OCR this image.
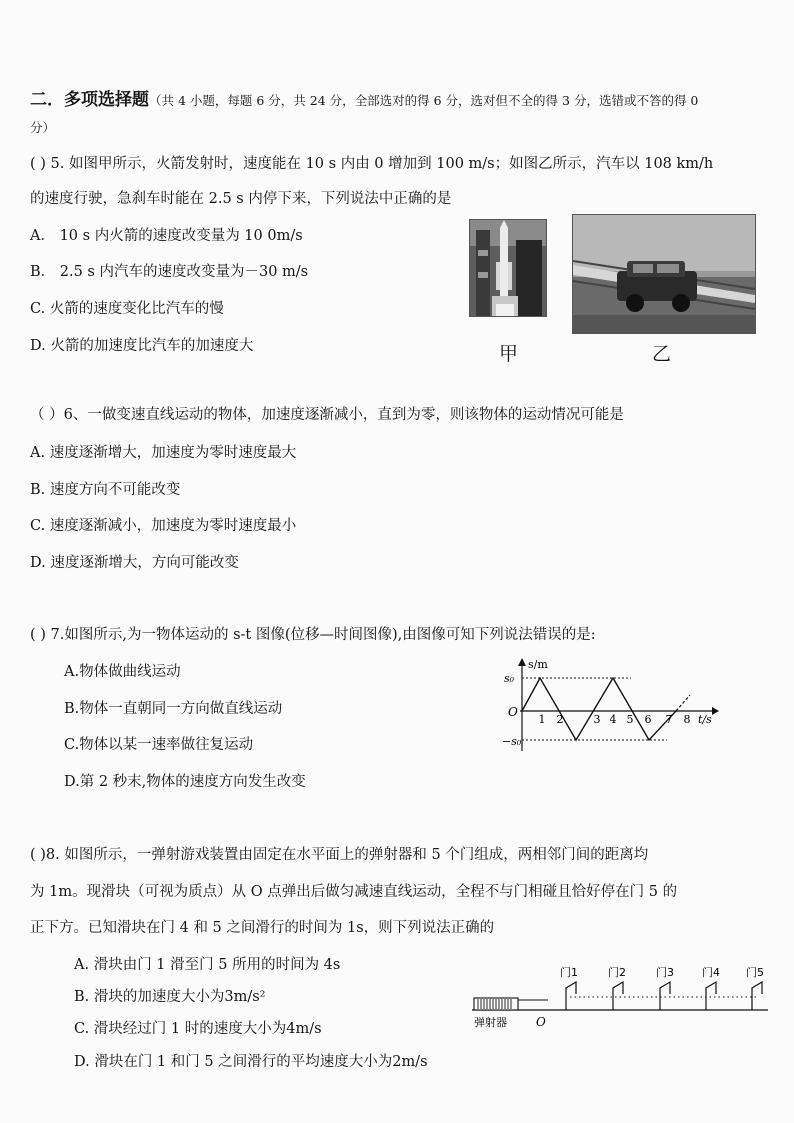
二．多项选择题（共 4 小题，每题 6 分，共 24 分，全部选对的得 6 分，选对但不全的得 3 分，选错或不答的得 0
分）
( ) 5. 如图甲所示，火箭发射时，速度能在 10 s 内由 0 增加到 100 m/s；如图乙所示，汽车以 108 km/h
的速度行驶，急刹车时能在 2.5 s 内停下来，下列说法中正确的是
A． 10 s 内火箭的速度改变量为 10 0m/s
B． 2.5 s 内汽车的速度改变量为－30 m/s
C. 火箭的速度变化比汽车的慢
D. 火箭的加速度比汽车的加速度大	甲	乙
（ ）6、一做变速直线运动的物体，加速度逐渐减小，直到为零，则该物体的运动情况可能是
A. 速度逐渐增大，加速度为零时速度最大
B. 速度方向不可能改变
C. 速度逐渐减小，加速度为零时速度最小
D. 速度逐渐增大，方向可能改变
( ) 7.如图所示,为一物体运动的 s-t 图像(位移—时间图像),由图像可知下列说法错误的是:
A.物体做曲线运动
B.物体一直朝同一方向做直线运动
C.物体以某一速率做往复运动
D.第 2 秒末,物体的速度方向发生改变
s/m
t/s
O
s₀
−s₀
1 2	3 4 5 6 7 8
( )8. 如图所示，一弹射游戏装置由固定在水平面上的弹射器和 5 个门组成，两相邻门间的距离均
为 1m。现滑块（可视为质点）从 O 点弹出后做匀减速直线运动，全程不与门相碰且恰好停在门 5 的
正下方。已知滑块在门 4 和 5 之间滑行的时间为 1s，则下列说法正确的
A. 滑块由门 1 滑至门 5 所用的时间为 4s
B. 滑块的加速度大小为3m/s²
C. 滑块经过门 1 时的速度大小为4m/s
D. 滑块在门 1 和门 5 之间滑行的平均速度大小为2m/s
弹射器 O
门1	门2	门3	门4 门5
